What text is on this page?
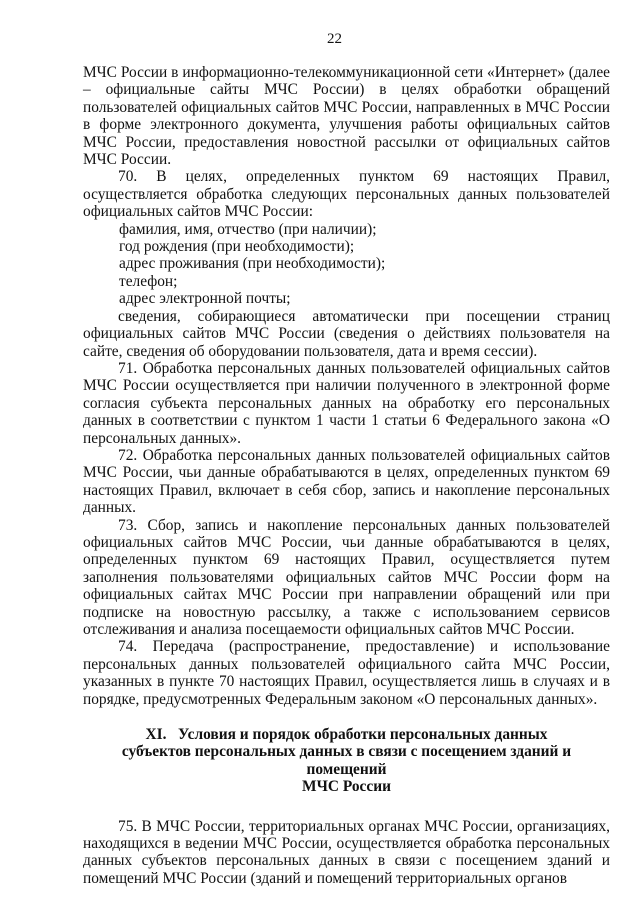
22

МЧС России в информационно-телекоммуникационной сети «Интернет» (далее – официальные сайты МЧС России) в целях обработки обращений пользователей официальных сайтов МЧС России, направленных в МЧС России в форме электронного документа, улучшения работы официальных сайтов МЧС России, предоставления новостной рассылки от официальных сайтов МЧС России.

70. В целях, определенных пунктом 69 настоящих Правил, осуществляется обработка следующих персональных данных пользователей официальных сайтов МЧС России:

фамилия, имя, отчество (при наличии);

год рождения (при необходимости);

адрес проживания (при необходимости);

телефон;

адрес электронной почты;

сведения, собирающиеся автоматически при посещении страниц официальных сайтов МЧС России (сведения о действиях пользователя на сайте, сведения об оборудовании пользователя, дата и время сессии).

71. Обработка персональных данных пользователей официальных сайтов МЧС России осуществляется при наличии полученного в электронной форме согласия субъекта персональных данных на обработку его персональных данных в соответствии с пунктом 1 части 1 статьи 6 Федерального закона «О персональных данных».

72. Обработка персональных данных пользователей официальных сайтов МЧС России, чьи данные обрабатываются в целях, определенных пунктом 69 настоящих Правил, включает в себя сбор, запись и накопление персональных данных.

73. Сбор, запись и накопление персональных данных пользователей официальных сайтов МЧС России, чьи данные обрабатываются в целях, определенных пунктом 69 настоящих Правил, осуществляется путем заполнения пользователями официальных сайтов МЧС России форм на официальных сайтах МЧС России при направлении обращений или при подписке на новостную рассылку, а также с использованием сервисов отслеживания и анализа посещаемости официальных сайтов МЧС России.

74. Передача (распространение, предоставление) и использование персональных данных пользователей официального сайта МЧС России, указанных в пункте 70 настоящих Правил, осуществляется лишь в случаях и в порядке, предусмотренных Федеральным законом «О персональных данных».

XI.   Условия и порядок обработки персональных данных
субъектов персональных данных в связи с посещением зданий и помещений
МЧС России

75. В МЧС России, территориальных органах МЧС России, организациях, находящихся в ведении МЧС России, осуществляется обработка персональных данных субъектов персональных данных в связи с посещением зданий и помещений МЧС России (зданий и помещений территориальных органов
